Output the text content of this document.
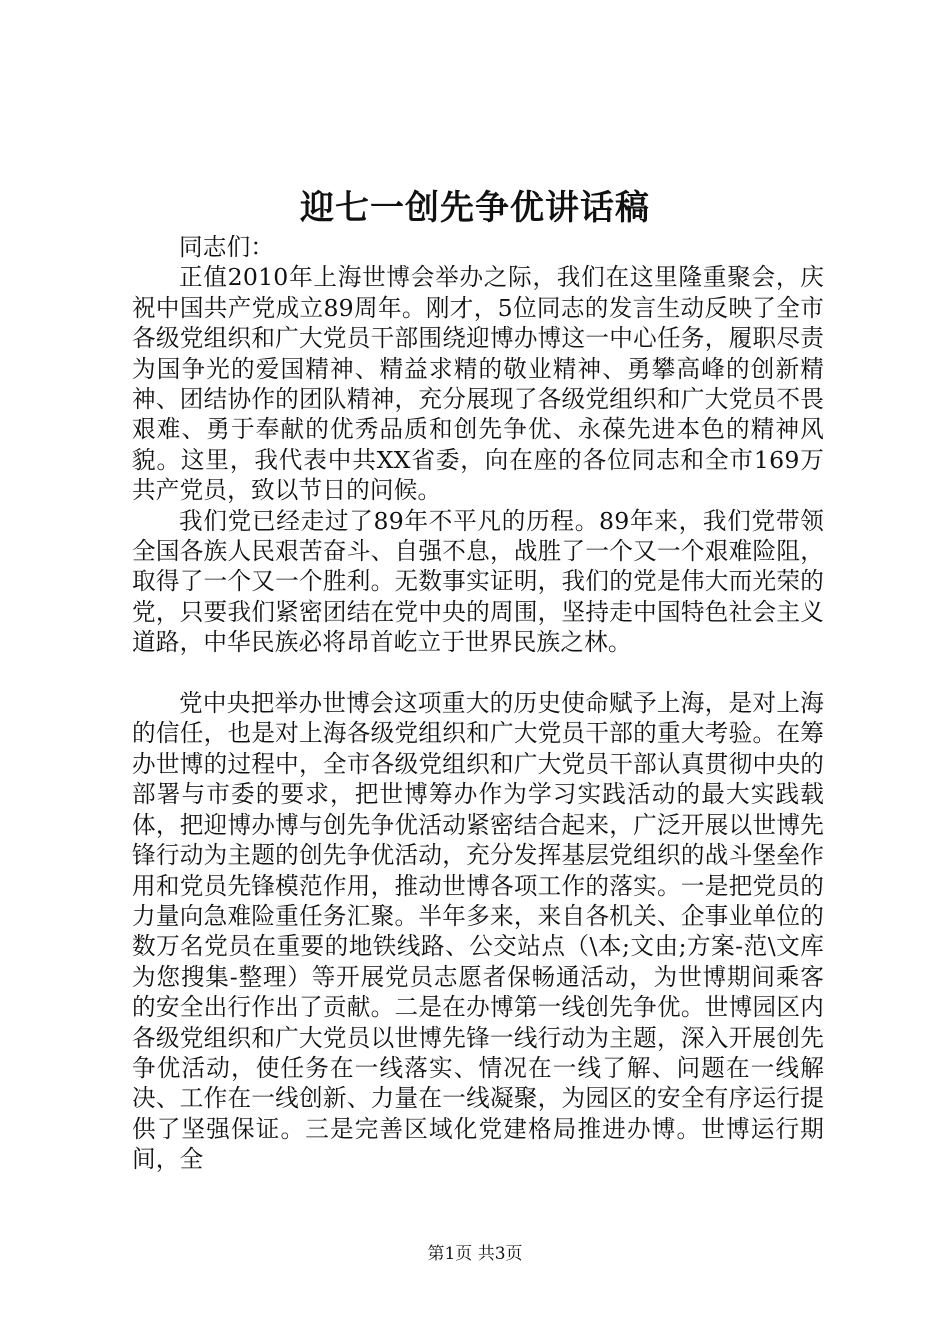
迎七一创先争优讲话稿

同志们：

正值2010年上海世博会举办之际，我们在这里隆重聚会，庆祝中国共产党成立89周年。刚才，5位同志的发言生动反映了全市各级党组织和广大党员干部围绕迎博办博这一中心任务，履职尽责为国争光的爱国精神、精益求精的敬业精神、勇攀高峰的创新精神、团结协作的团队精神，充分展现了各级党组织和广大党员不畏艰难、勇于奉献的优秀品质和创先争优、永葆先进本色的精神风貌。这里，我代表中共XX省委，向在座的各位同志和全市169万共产党员，致以节日的问候。

我们党已经走过了89年不平凡的历程。89年来，我们党带领全国各族人民艰苦奋斗、自强不息，战胜了一个又一个艰难险阻，取得了一个又一个胜利。无数事实证明，我们的党是伟大而光荣的党，只要我们紧密团结在党中央的周围，坚持走中国特色社会主义道路，中华民族必将昂首屹立于世界民族之林。

党中央把举办世博会这项重大的历史使命赋予上海，是对上海的信任，也是对上海各级党组织和广大党员干部的重大考验。在筹办世博的过程中，全市各级党组织和广大党员干部认真贯彻中央的部署与市委的要求，把世博筹办作为学习实践活动的最大实践载体，把迎博办博与创先争优活动紧密结合起来，广泛开展以世博先锋行动为主题的创先争优活动，充分发挥基层党组织的战斗堡垒作用和党员先锋模范作用，推动世博各项工作的落实。一是把党员的力量向急难险重任务汇聚。半年多来，来自各机关、企事业单位的数万名党员在重要的地铁线路、公交站点（\本;文由;方案-范\文库为您搜集-整理）等开展党员志愿者保畅通活动，为世博期间乘客的安全出行作出了贡献。二是在办博第一线创先争优。世博园区内各级党组织和广大党员以世博先锋一线行动为主题，深入开展创先争优活动，使任务在一线落实、情况在一线了解、问题在一线解决、工作在一线创新、力量在一线凝聚，为园区的安全有序运行提供了坚强保证。三是完善区域化党建格局推进办博。世博运行期间，全

第1页 共3页
